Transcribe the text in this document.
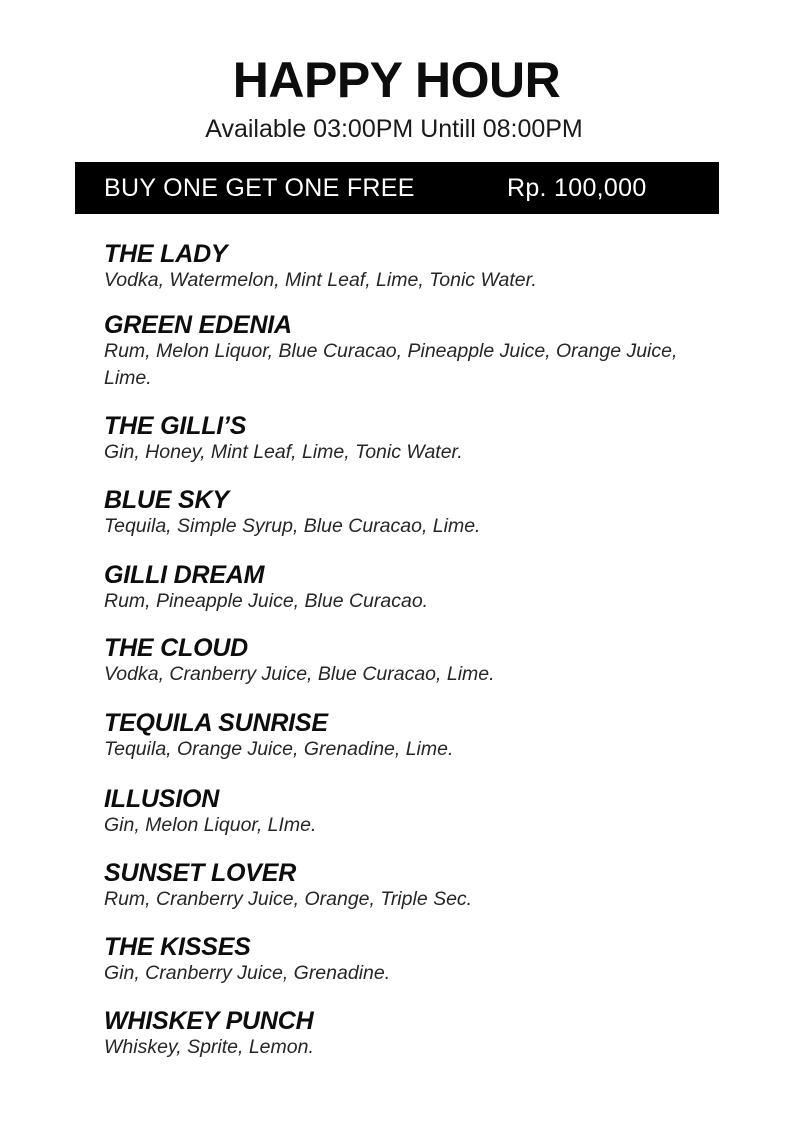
HAPPY HOUR
Available 03:00PM Untill 08:00PM
BUY ONE GET ONE FREE	Rp. 100,000
THE LADY
Vodka, Watermelon, Mint Leaf, Lime, Tonic Water.
GREEN EDENIA
Rum, Melon Liquor, Blue Curacao, Pineapple Juice, Orange Juice, Lime.
THE GILLI’S
Gin, Honey, Mint Leaf, Lime, Tonic Water.
BLUE SKY
Tequila, Simple Syrup, Blue Curacao, Lime.
GILLI DREAM
Rum, Pineapple Juice, Blue Curacao.
THE CLOUD
Vodka, Cranberry Juice, Blue Curacao, Lime.
TEQUILA SUNRISE
Tequila, Orange Juice, Grenadine, Lime.
ILLUSION
Gin, Melon Liquor, LIme.
SUNSET LOVER
Rum, Cranberry Juice, Orange, Triple Sec.
THE KISSES
Gin, Cranberry Juice, Grenadine.
WHISKEY PUNCH
Whiskey, Sprite, Lemon.
